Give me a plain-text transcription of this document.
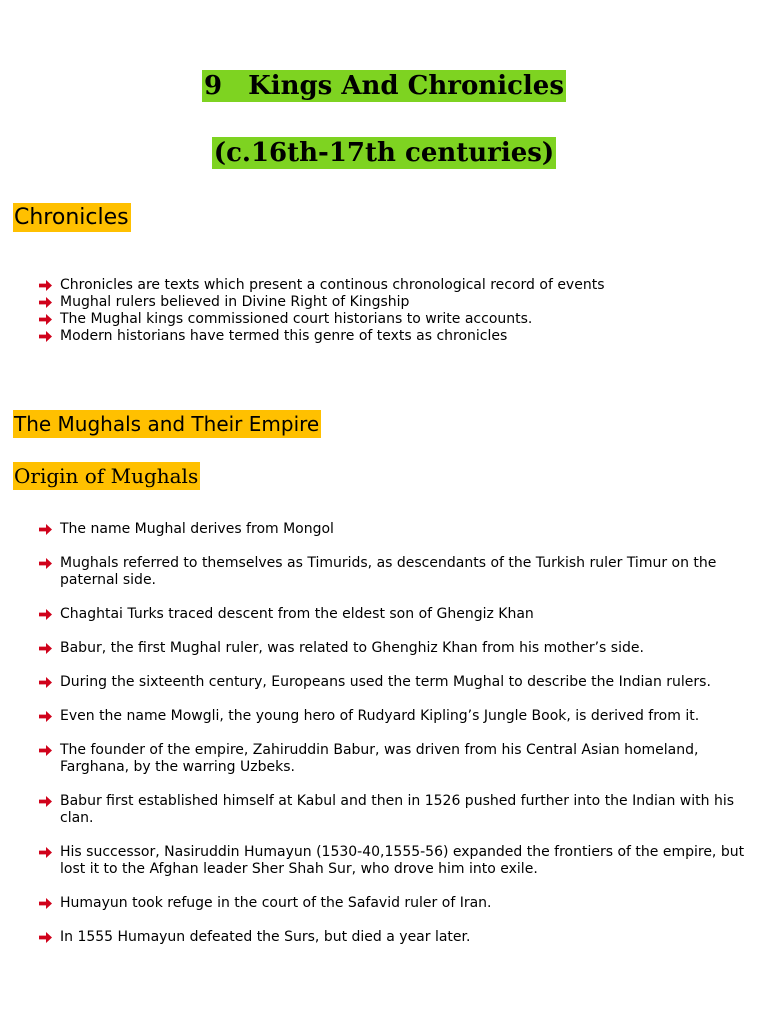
9 Kings And Chronicles
(c.16th-17th centuries)
Chronicles
Chronicles are texts which present a continous chronological record of events
Mughal rulers believed in Divine Right of Kingship
The Mughal kings commissioned court historians to write accounts.
Modern historians have termed this genre of texts as chronicles
The Mughals and Their Empire
Origin of Mughals
The name Mughal derives from Mongol
Mughals referred to themselves as Timurids, as descendants of the Turkish ruler Timur on the paternal side.
Chaghtai Turks traced descent from the eldest son of Ghengiz Khan
Babur, the first Mughal ruler, was related to Ghenghiz Khan from his mother’s side.
During the sixteenth century, Europeans used the term Mughal to describe the Indian rulers.
Even the name Mowgli, the young hero of Rudyard Kipling’s Jungle Book, is derived from it.
The founder of the empire, Zahiruddin Babur, was driven from his Central Asian homeland, Farghana, by the warring Uzbeks.
Babur first established himself at Kabul and then in 1526 pushed further into the Indian with his clan.
His successor, Nasiruddin Humayun (1530-40,1555-56) expanded the frontiers of the empire, but lost it to the Afghan leader Sher Shah Sur, who drove him into exile.
Humayun took refuge in the court of the Safavid ruler of Iran.
In 1555 Humayun defeated the Surs, but died a year later.
